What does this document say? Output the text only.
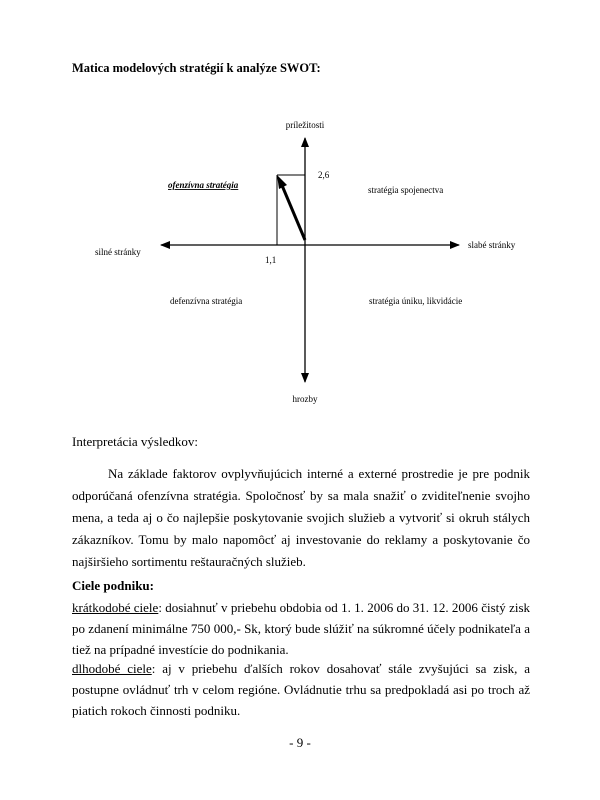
Matica modelových stratégií k analýze SWOT:
príležitosti
hrozby
silné stránky
slabé stránky
ofenzívna stratégia	stratégia spojenectva
defenzívna stratégia	stratégia úniku, likvidácie
2,6
1,1
Interpretácia výsledkov:
Na základe faktorov ovplyvňujúcich interné a externé prostredie je pre podnik odporúčaná ofenzívna stratégia. Spoločnosť by sa mala snažiť o zviditeľnenie svojho mena, a teda aj o čo najlepšie poskytovanie svojich služieb a vytvoriť si okruh stálych zákazníkov. Tomu by malo napomôcť aj investovanie do reklamy a poskytovanie čo najširšieho sortimentu reštauračných služieb.
Ciele podniku:
krátkodobé ciele: dosiahnuť v priebehu obdobia od 1. 1. 2006 do 31. 12. 2006 čistý zisk po zdanení minimálne 750 000,- Sk, ktorý bude slúžiť na súkromné účely podnikateľa a tiež na prípadné investície do podnikania.
dlhodobé ciele: aj v priebehu ďalších rokov dosahovať stále zvyšujúci sa zisk, a postupne ovládnuť trh v celom regióne. Ovládnutie trhu sa predpokladá asi po troch až piatich rokoch činnosti podniku.
- 9 -
